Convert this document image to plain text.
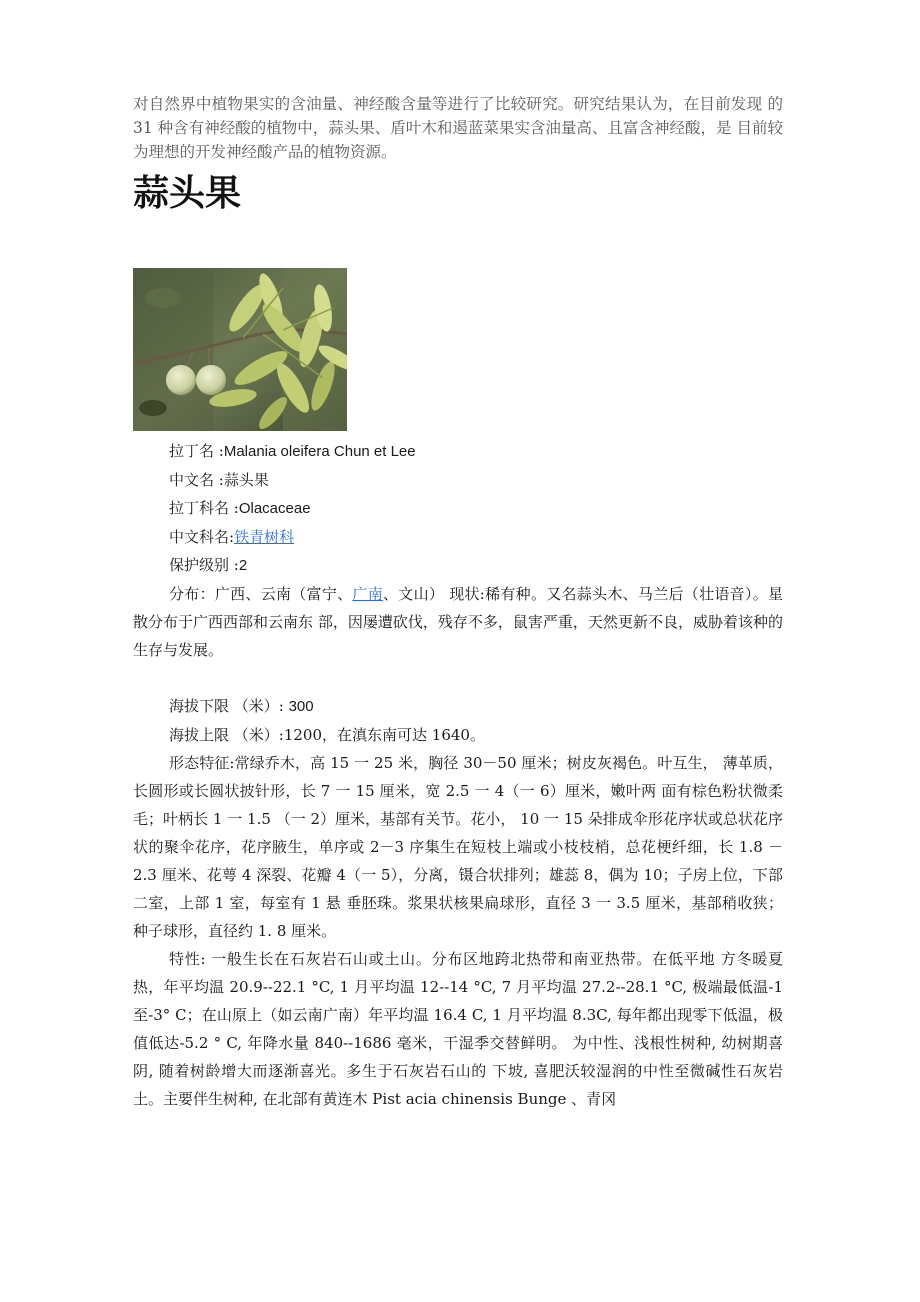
对自然界中植物果实的含油量、神经酸含量等进行了比较研究。研究结果认为，在目前发现 的 31 种含有神经酸的植物中，蒜头果、盾叶木和遏蓝菜果实含油量高、且富含神经酸，是 目前较为理想的开发神经酸产品的植物资源。

蒜头果

拉丁名 :Malania oleifera Chun et Lee

中文名 :蒜头果

拉丁科名 :Olacaceae

中文科名:铁青树科

保护级别 :2

分布：广西、云南（富宁、广南、文山） 现状:稀有种。又名蒜头木、马兰后（壮语音）。星散分布于广西西部和云南东 部，因屡遭砍伐，残存不多，鼠害严重，天然更新不良，威胁着该种的生存与发展。

海拔下限 （米）: 300

海拔上限 （米）:1200，在滇东南可达 1640。

形态特征:常绿乔木，高 15 一 25 米，胸径 30－50 厘米；树皮灰褐色。叶互生， 薄革质，长圆形或长圆状披针形，长 7 一 15 厘米，宽 2.5 一 4（一 6）厘米，嫩叶两 面有棕色粉状微柔毛；叶柄长 1 一 1.5 （一 2）厘米，基部有关节。花小， 10 一 15 朵排成伞形花序状或总状花序状的聚伞花序，花序腋生，单序或 2－3 序集生在短枝上端或小枝枝梢，总花梗纤细，长 1.8 －2.3 厘米、花萼 4 深裂、花瓣 4（一 5），分离，镊合状排列；雄蕊 8，偶为 10；子房上位，下部二室，上部 1 室，每室有 1 悬 垂胚珠。浆果状核果扁球形，直径 3 一 3.5 厘米，基部稍收狭；种子球形，直径约 1. 8 厘米。

特性: 一般生长在石灰岩石山或土山。分布区地跨北热带和南亚热带。在低平地 方冬暖夏热，年平均温 20.9--22.1 °C, 1 月平均温 12--14 °C, 7 月平均温 27.2--28.1 °C, 极端最低温-1 至-3° C；在山原上（如云南广南）年平均温 16.4 C, 1 月平均温 8.3C, 每年都出现零下低温，极值低达-5.2 ° C, 年降水量 840--1686 毫米，干湿季交替鲜明。 为中性、浅根性树种, 幼树期喜阴, 随着树龄增大而逐渐喜光。多生于石灰岩石山的 下坡, 喜肥沃较湿润的中性至微碱性石灰岩土。主要伴生树种, 在北部有黄连木 Pist acia chinensis Bunge 、青冈
